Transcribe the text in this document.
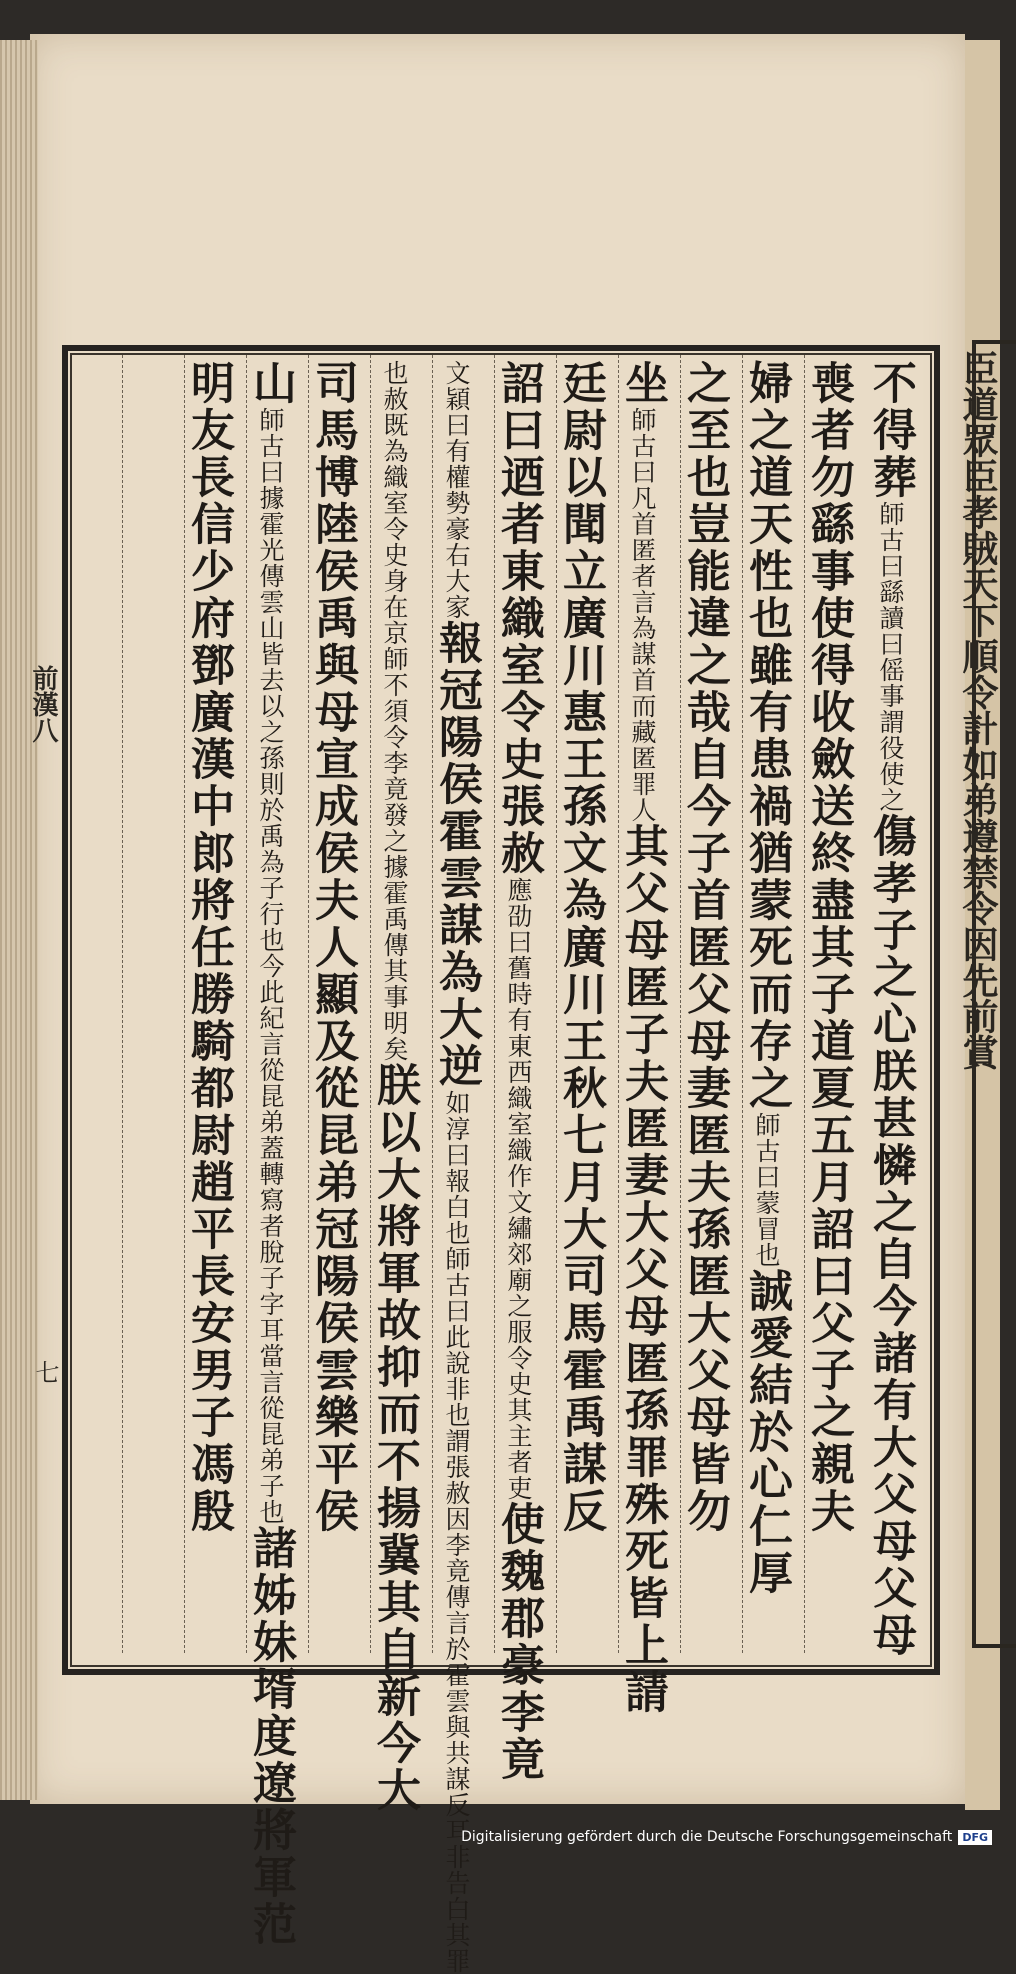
臣道眾臣孝賊天下順令計如弟遵禁令因先前賞
前漢八
七
不得葬師古曰繇讀曰傜事謂役使之傷孝子之心朕甚憐之自今諸有大父母父母
喪者勿繇事使得收斂送終盡其子道夏五月詔曰父子之親夫
婦之道天性也雖有患禍猶蒙死而存之師古曰蒙冒也誠愛結於心仁厚
之至也豈能違之哉自今子首匿父母妻匿夫孫匿大父母皆勿
坐師古曰凡首匿者言為謀首而藏匿罪人其父母匿子夫匿妻大父母匿孫罪殊死皆上請
廷尉以聞立廣川惠王孫文為廣川王秋七月大司馬霍禹謀反
詔曰迺者東織室令史張赦應劭曰舊時有東西織室織作文繡郊廟之服令史其主者吏使魏郡豪李竟
文穎曰有權勢豪右大家報冠陽侯霍雲謀為大逆如淳曰報白也師古曰此說非也謂張赦因李竟傳言於霍雲與共謀反耳非告白其罪
也赦既為織室令史身在京師不須令李竟發之據霍禹傳其事明矣朕以大將軍故抑而不揚冀其自新今大
司馬博陸侯禹與母宣成侯夫人顯及從昆弟冠陽侯雲樂平侯
山師古曰據霍光傳雲山皆去以之孫則於禹為子行也今此紀言從昆弟蓋轉寫者脫子字耳當言從昆弟子也諸姊妹壻度遼將軍范
明友長信少府鄧廣漢中郎將任勝騎都尉趙平長安男子馮殷
Digitalisierung gefördert durch die Deutsche Forschungsgemeinschaft DFG
